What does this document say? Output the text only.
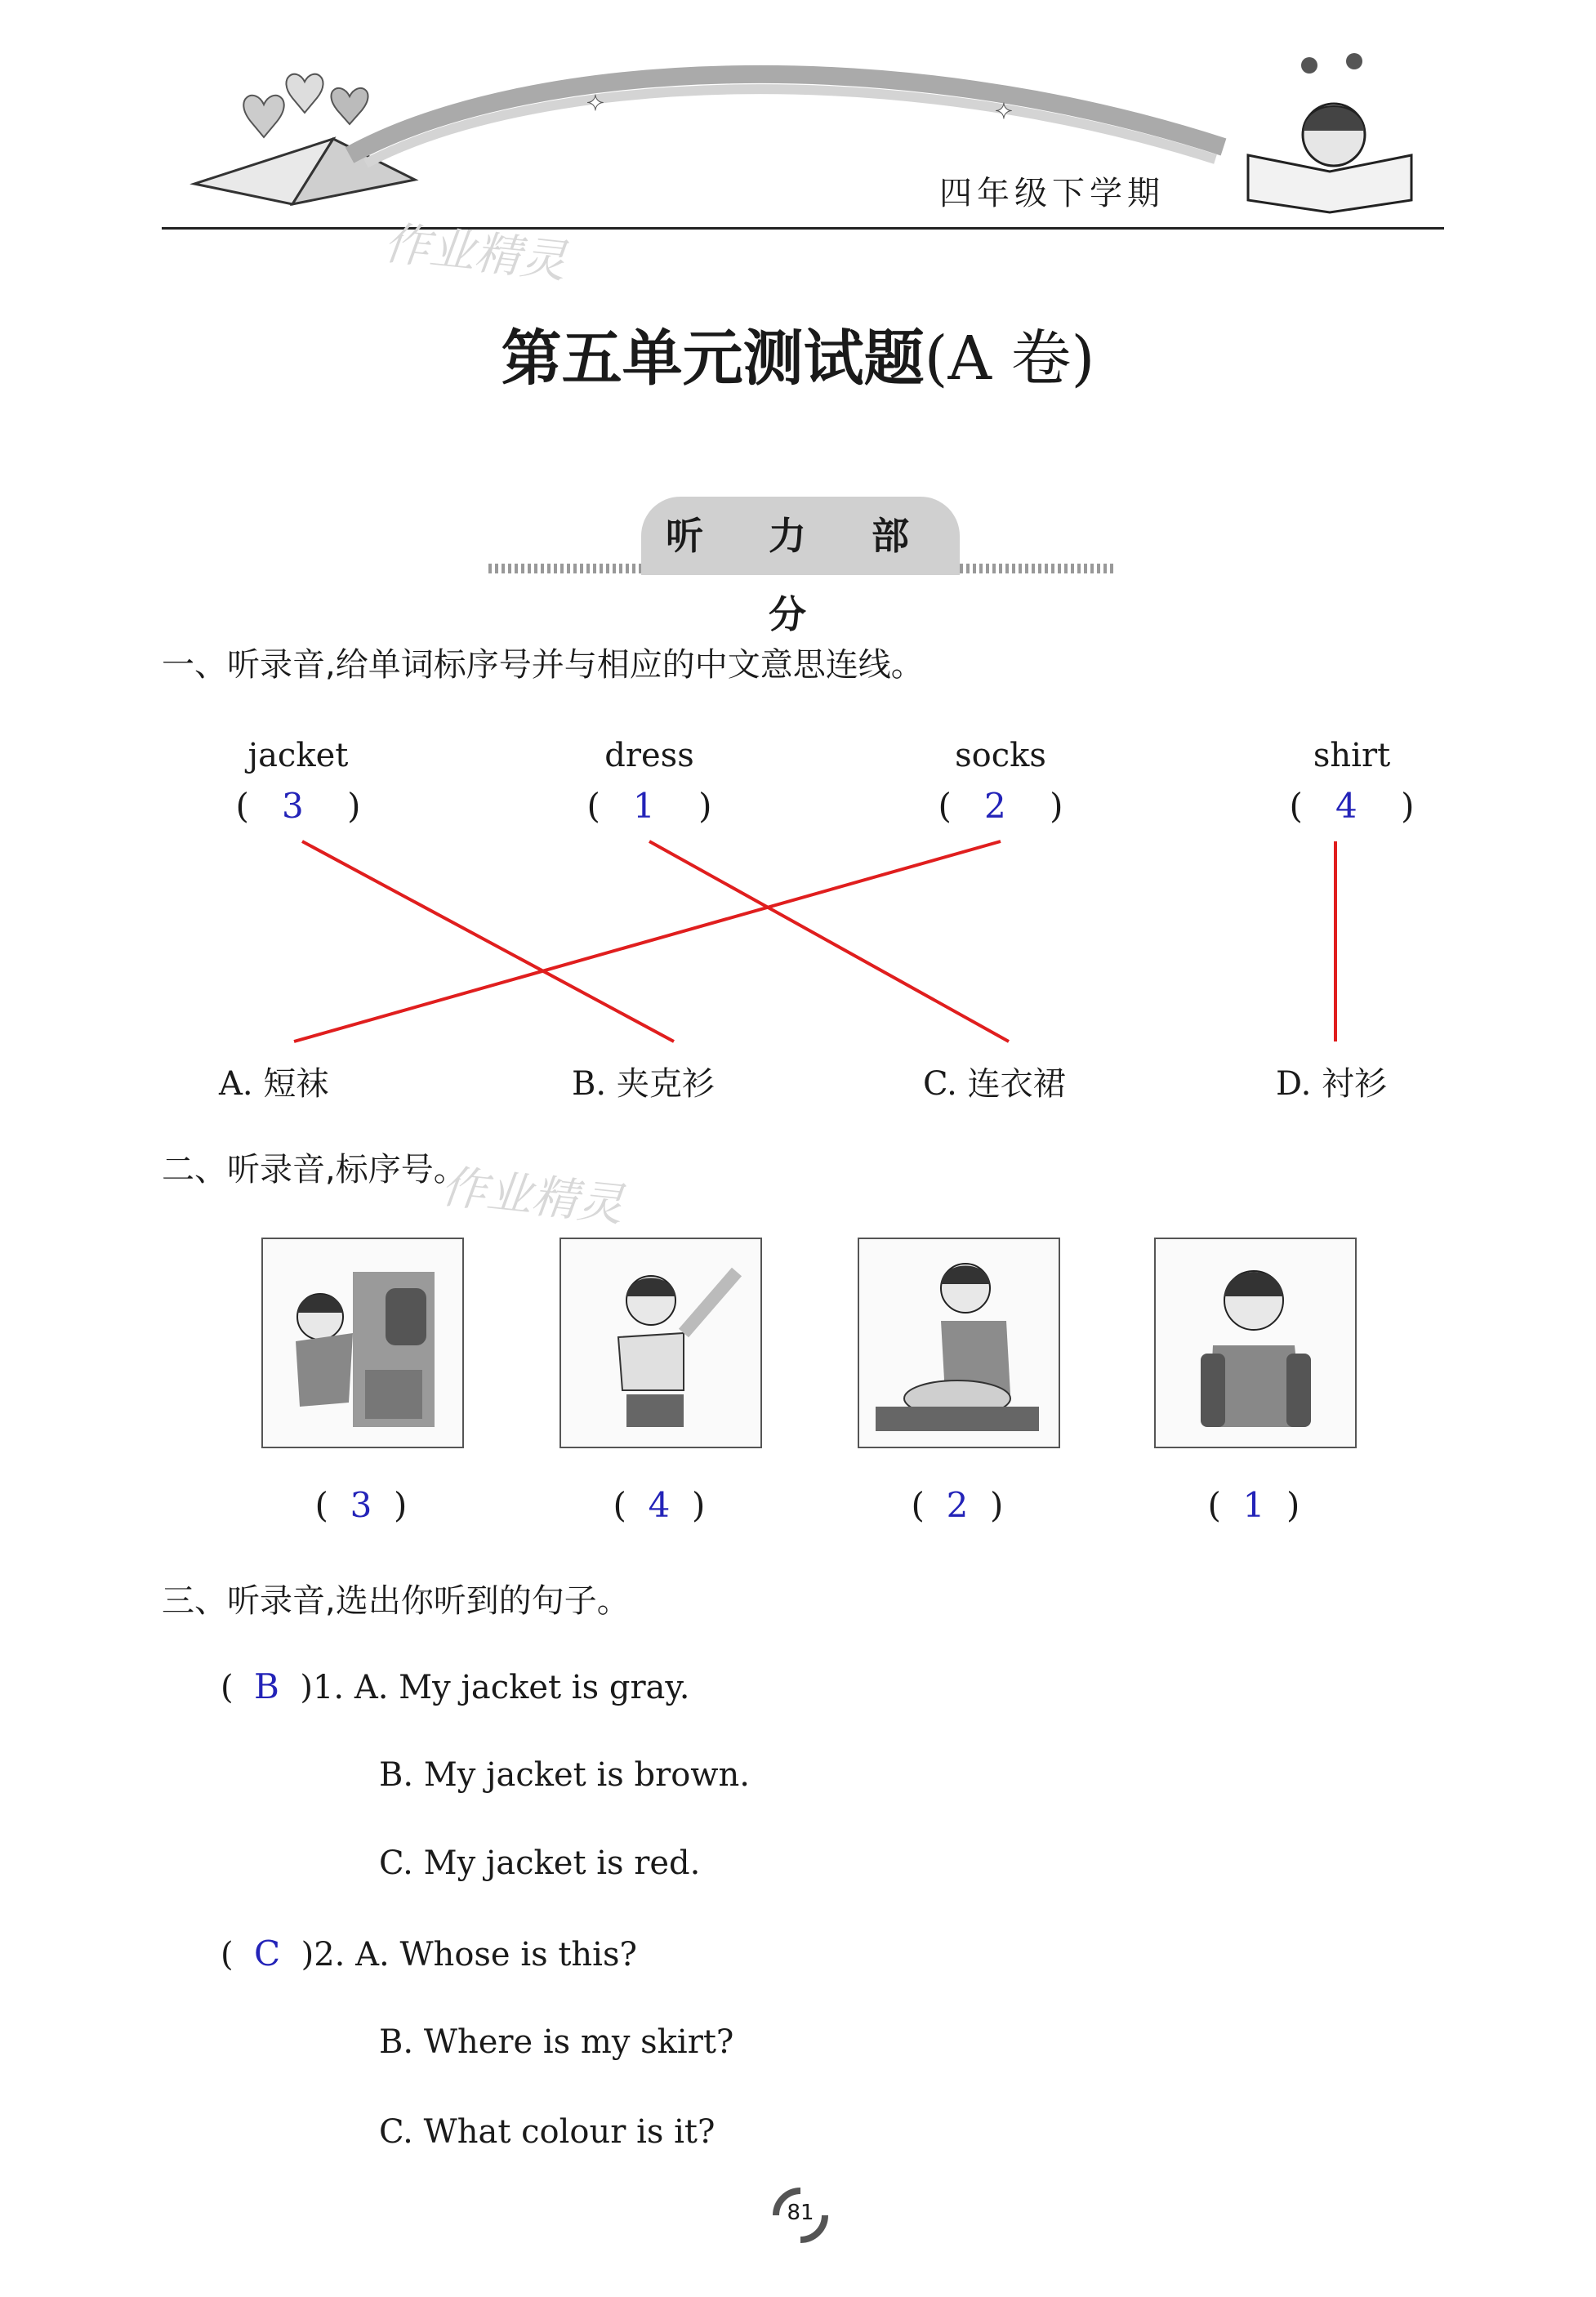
✦	✦
四年级下学期
作业精灵
第五单元测试题(A 卷)
听 力 部 分
一、听录音,给单词标序号并与相应的中文意思连线。
jacket	dress	socks	shirt
(   3    )	(   1    )	(   2    )	(   4    )
A. 短袜	B. 夹克衫	C. 连衣裙	D. 衬衫
二、听录音,标序号。
作业精灵
(  3  )	(  4  )	(  2  )	(  1  )
三、听录音,选出你听到的句子。
(  B )1. A. My jacket is gray.
B. My jacket is brown.
C. My jacket is red.
(  C )2. A. Whose is this?
B. Where is my skirt?
C. What colour is it?
81
